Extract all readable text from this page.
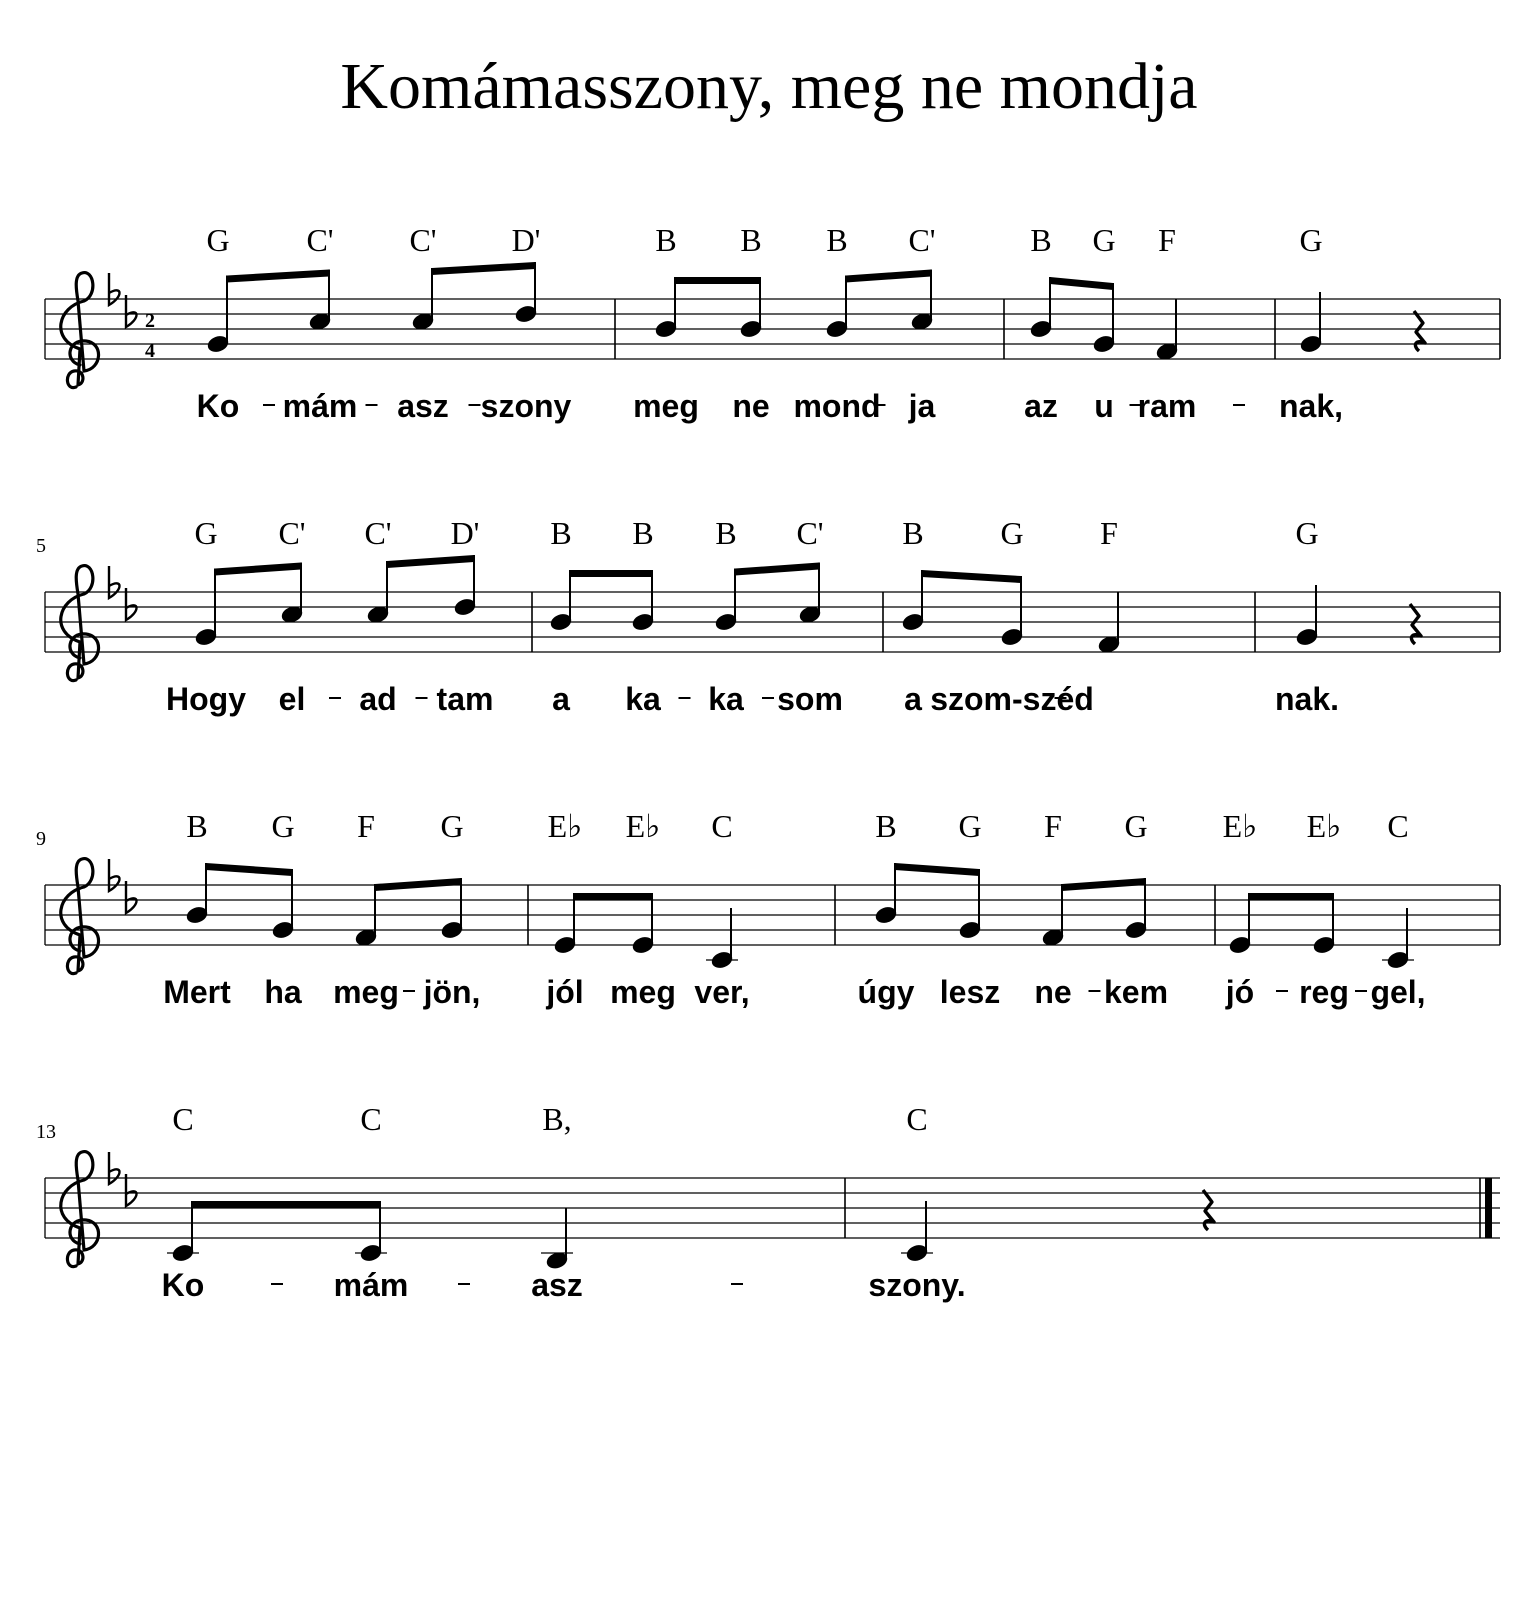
Komámasszony, meg ne mondja
2
4
G
Ko
C'
mám
C'
asz
D'
szony
B
meg
B
ne
B
mond
C'
ja
B
az
G
u
F
ram
G
nak,
5	G
Hogy
C'
el
C'
ad
D'
tam
B
a
B
ka
B
ka
C'
som
B
a
G
szom-széd
F	G
nak.
9	B
Mert
G
ha
F
meg
G
jön,
E♭
jól
E♭
meg
C
ver,
B
úgy
G
lesz
F
ne
G
kem
E♭
jó
E♭
reg
C
gel,
13	C
Ko
C
mám
B,
asz
C
szony.
